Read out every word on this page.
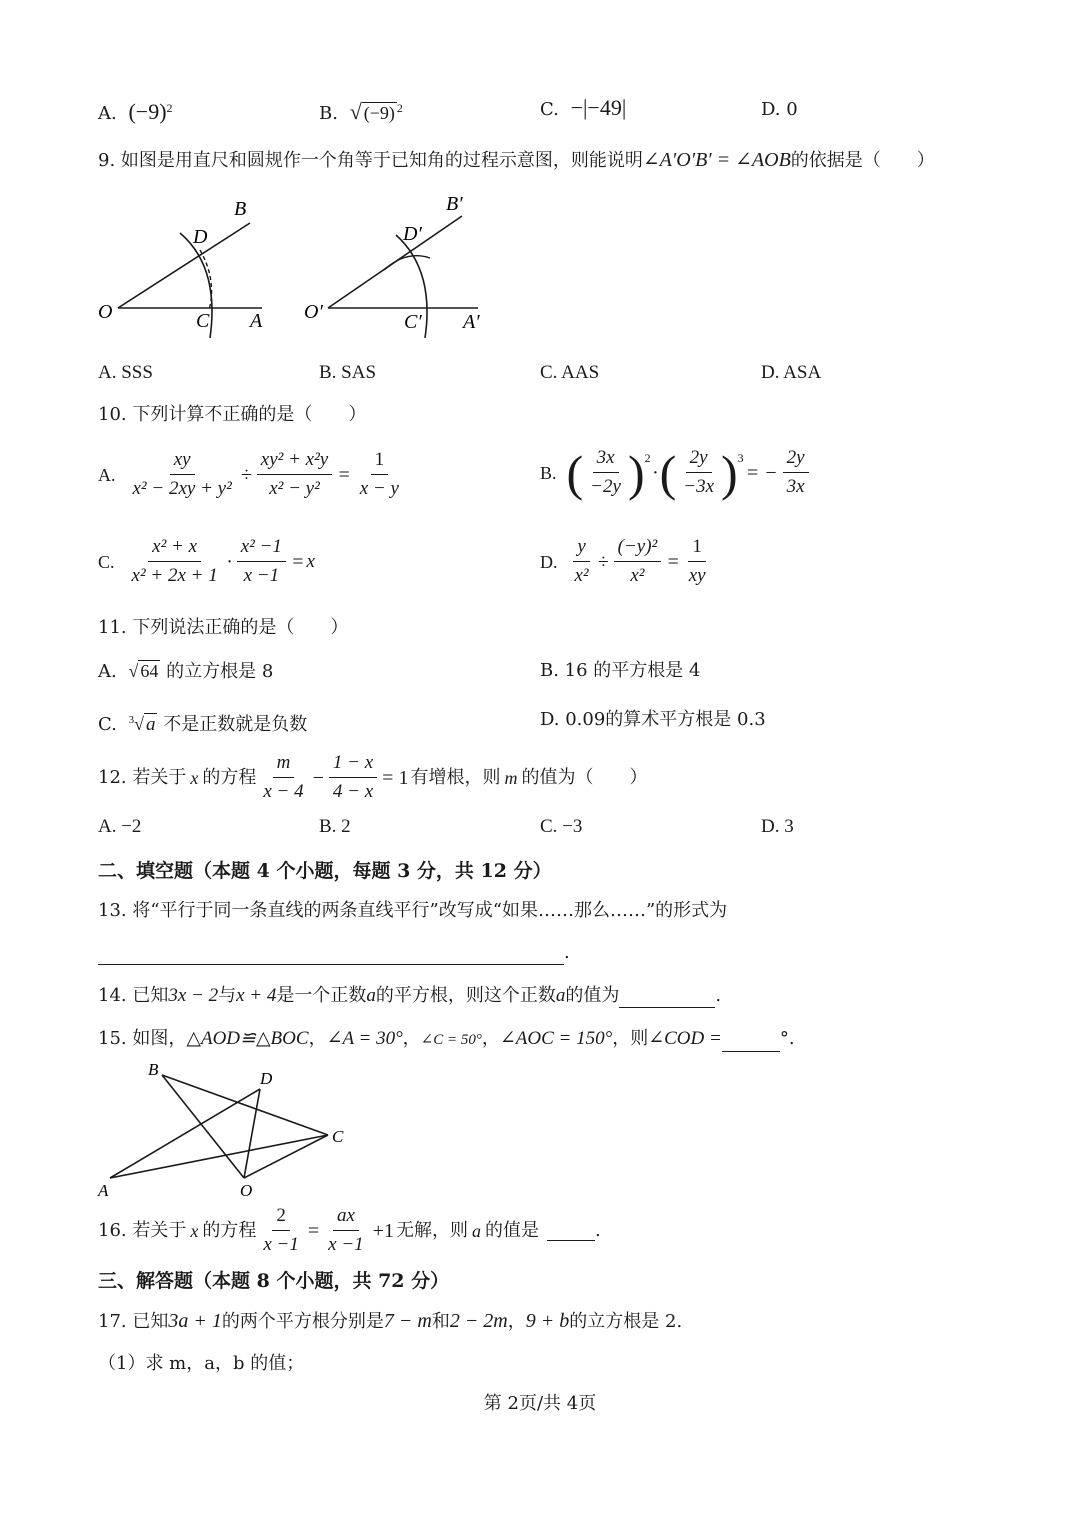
A. $(-9)^2$	B. √ (−9) $^2$	C. −|−49|	D. 0
9. 如图是用直尺和圆规作一个角等于已知角的过程示意图，则能说明∠A′O′B′ = ∠AOB的依据是（　　）
O	A
B
C
D
O′	A′
B′
C′
D′
A. SSS	B. SAS	C. AAS	D. ASA
10. 下列计算不正确的是（　　）
A. $\frac{xy}{\text{x² − 2xy + y²}} \div \frac{\text{xy² + x²y}}{\text{x² − y²}} = \frac{1}{x - y}$	B. ( $\frac{3x}{-2y} )^2$
· ( $\frac{2y}{-3x} )^3$
= − $\frac{2y}{3x}$
C. $\frac{\text{x² + x}}{\text{x² + 2x + 1}} \cdot \frac{\text{x² −1}}{x -1} = x$	D. $\frac{y}{\text{x²}} \div \frac{\text{(−y)²}}{\text{x²}} = \frac{1}{xy}$
11. 下列说法正确的是（　　）
A. √ 64 的立方根是 8	B. 16 的平方根是 4
C. $^3$√ a 不是正数就是负数	D. 0.09的算术平方根是 0.3
12. 若关于 x 的方程 $\frac{m}{x - 4} - \frac{1 - x}{4 - x} = 1$ 有增根，则 m 的值为（　　）
A. −2	B. 2	C. −3	D. 3
二、填空题（本题 4 个小题，每题 3 分，共 12 分）
13. 将“平行于同一条直线的两条直线平行”改写成“如果……那么……”的形式为
.
14. 已知3x − 2与x + 4是一个正数a的平方根，则这个正数a的值为	.
15. 如图，△AOD≌△BOC，∠A = 30°，∠C = 50°，∠AOC = 150°，则∠COD =	°.
A
B
C
D
O
16. 若关于 x 的方程 $\frac{2}{x -1} = \frac{ax}{x -1} +1$ 无解，则 a 的值是	.
三、解答题（本题 8 个小题，共 72 分）
17. 已知3a + 1的两个平方根分别是7 − m和2 − 2m，9 + b的立方根是 2.
（1）求 m，a，b 的值；
第 2页/共 4页
